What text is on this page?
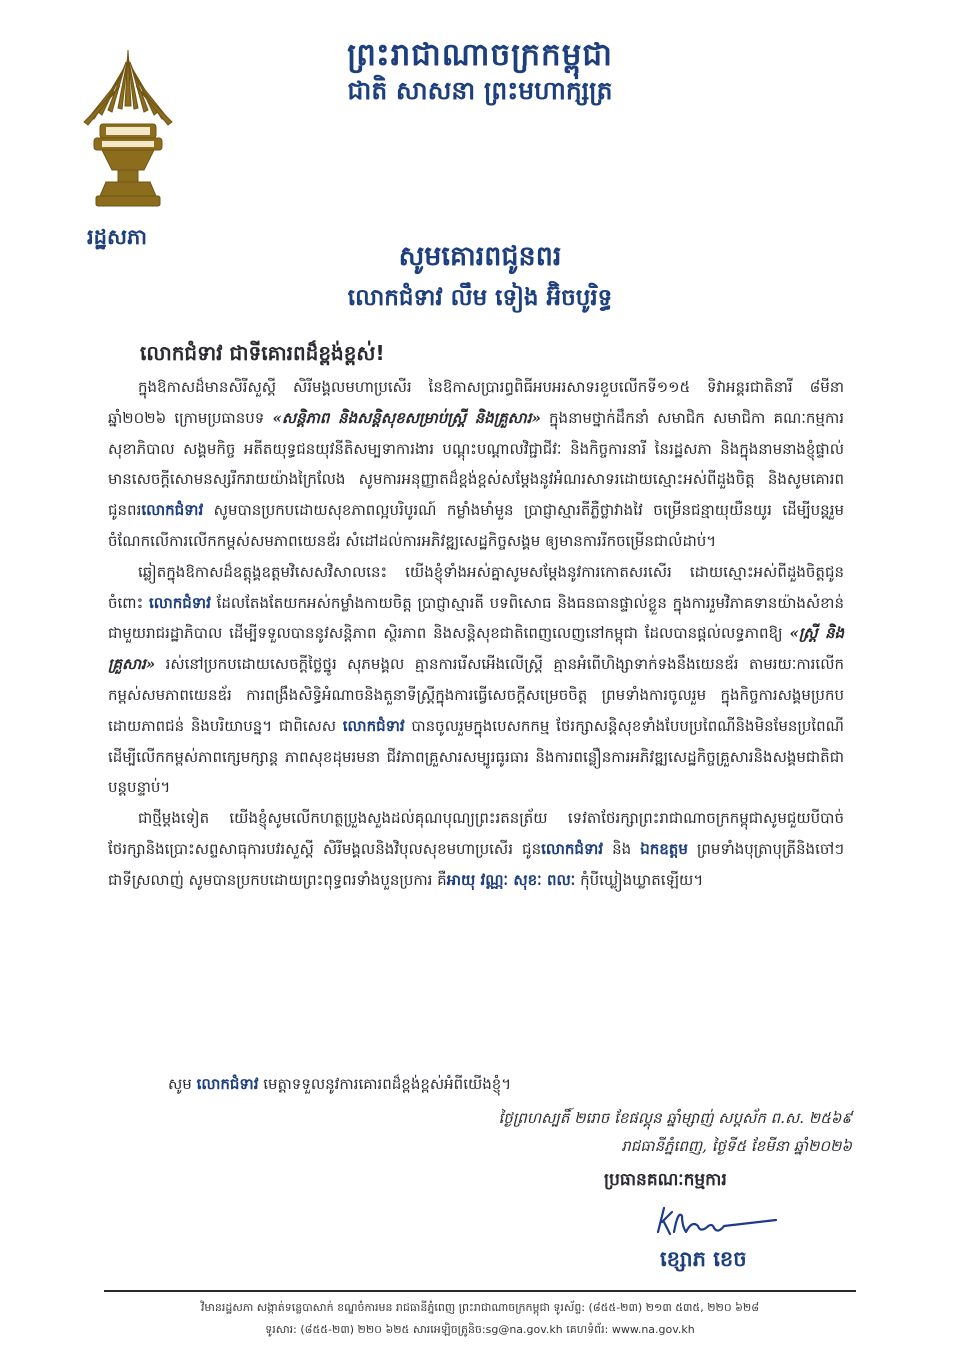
រដ្ឋសភា
ព្រះរាជាណាចក្រកម្ពុជា
ជាតិ សាសនា ព្រះមហាក្សត្រ
សូមគោរពជូនពរ
លោកជំទាវ លឹម ទៀង អ៊ិចបូរិទ្ធ
លោកជំទាវ ជាទីគោរពដ៏ខ្ពង់ខ្ពស់!

ក្នុងឱកាសដ៏មានសិរីសួស្តី សិរីមង្គលមហាប្រសើរ នៃឱកាសប្រារព្ធពិធីអបអរសាទរខួបលើកទី១១៥ ទិវាអន្តរជាតិនារី ៨មីនា ឆ្នាំ២០២៦ ក្រោមប្រធានបទ «សន្តិភាព និងសន្តិសុខសម្រាប់ស្ត្រី និងគ្រួសារ» ក្នុងនាមថ្នាក់ដឹកនាំ សមាជិក សមាជិកា គណៈកម្មការសុខាភិបាល សង្គមកិច្ច អតីតយុទ្ធជនយុវនីតិសម្បទាការងារ បណ្តុះបណ្តាលវិជ្ជាជីវៈ និងកិច្ចការនារី នៃរដ្ឋសភា និងក្នុងនាមនាងខ្ញុំផ្ទាល់ មានសេចក្តីសោមនស្សរីករាយយ៉ាងក្រៃលែង សូមការអនុញ្ញាតដ៏ខ្ពង់ខ្ពស់សម្តែងនូវអំណរសាទរដោយស្មោះអស់ពីដួងចិត្ត និងសូមគោរពជូនពរលោកជំទាវ សូមបានប្រកបដោយសុខភាពល្អបរិបូរណ៍ កម្លាំងមាំមួន ប្រាជ្ញាស្មារតីភ្លឺថ្លាវាងវៃ ចម្រើនជន្មាយុយឺនយូរ ដើម្បីបន្តរួមចំណែកលើការលើកកម្ពស់សមភាពយេនឌ័រ សំដៅដល់ការអភិវឌ្ឍសេដ្ឋកិច្ចសង្គម ឲ្យមានការរីកចម្រើនជាលំដាប់។

ឆ្លៀតក្នុងឱកាសដ៏ឧត្តុង្គឧត្តមវិសេសវិសាលនេះ យើងខ្ញុំទាំងអស់គ្នាសូមសម្តែងនូវការកោតសរសើរ ដោយស្មោះអស់ពីដួងចិត្តជូនចំពោះ លោកជំទាវ ដែលតែងតែយកអស់កម្លាំងកាយចិត្ត ប្រាជ្ញាស្មារតី បទពិសោធ និងធនធានផ្ទាល់ខ្លួន ក្នុងការរួមវិភាគទានយ៉ាងសំខាន់ជាមួយរាជរដ្ឋាភិបាល ដើម្បីទទួលបាននូវសន្តិភាព ស្ថិរភាព និងសន្តិសុខជាតិពេញលេញនៅកម្ពុជា ដែលបានផ្តល់លទ្ធភាពឱ្យ «ស្ត្រី និងគ្រួសារ» រស់នៅប្រកបដោយសេចក្តីថ្លៃថ្នូរ សុភមង្គល គ្មានការរើសអើងលើស្ត្រី គ្មានអំពើហិង្សាទាក់ទងនឹងយេនឌ័រ តាមរយៈការលើកកម្ពស់សមភាពយេនឌ័រ ការពង្រឹងសិទ្ធិអំណាចនិងតួនាទីស្ត្រីក្នុងការធ្វើសេចក្តីសម្រេចចិត្ត ព្រមទាំងការចូលរួម ក្នុងកិច្ចការសង្គមប្រកបដោយភាពជន់ និងបរិយាបន្ន។ ជាពិសេស លោកជំទាវ បានចូលរួមក្នុងបេសកកម្ម ថែរក្សាសន្តិសុខទាំងបែបប្រពៃណីនិងមិនមែនប្រពៃណី ដើម្បីលើកកម្ពស់ភាពក្សេមក្សាន្ត ភាពសុខដុមរមនា ជីវភាពគ្រួសារសម្បូរធូរធារ និងការពន្លឿនការអភិវឌ្ឍសេដ្ឋកិច្ចគ្រួសារនិងសង្គមជាតិជាបន្តបន្ទាប់។

ជាថ្មីម្តងទៀត យើងខ្ញុំសូមលើកហត្ថប្រួងសួងដល់គុណបុណ្យព្រះរតនត្រ័យ ទេវតាថែរក្សាព្រះរាជាណាចក្រកម្ពុជាសូមជួយបីបាច់ថែរក្សានិងប្រោះសព្ទសាធុការបវរសួស្តី សិរីមង្គលនិងវិបុលសុខមហាប្រសើរ ជូនលោកជំទាវ និង ឯកឧត្តម ព្រមទាំងបុត្រាបុត្រីនិងចៅៗជាទីស្រលាញ់ សូមបានប្រកបដោយព្រះពុទ្ធពរទាំងបួនប្រការ គឺអាយុ វណ្ណៈ សុខៈ ពលៈ កុំបីឃ្លៀងឃ្លាតឡើយ។

សូម លោកជំទាវ មេត្តាទទួលនូវការគោរពដ៏ខ្ពង់ខ្ពស់អំពីយើងខ្ញុំ។
ថ្ងៃព្រហស្បតិ៍ ២រោច ខែផល្គុន ឆ្នាំម្សាញ់ សប្តស័ក ព.ស. ២៥៦៩
រាជធានីភ្នំពេញ, ថ្ងៃទី៥ ខែមីនា ឆ្នាំ២០២៦
ប្រធានគណៈកម្មការ
ខ្សោភ ខេច
វិមានរដ្ឋសភា សង្កាត់ទន្លេបាសាក់ ខណ្ឌចំការមន រាជធានីភ្នំពេញ ព្រះរាជាណាចក្រកម្ពុជា ទូរស័ព្ទ: (៨៥៥-២៣) ២១៣ ៥៣៥, ២២០ ៦២៨
ទូរសារ: (៨៥៥-២៣) ២២០ ៦២៥ សារអេឡិចត្រូនិច:sg@na.gov.kh គេហទំព័រ: www.na.gov.kh
